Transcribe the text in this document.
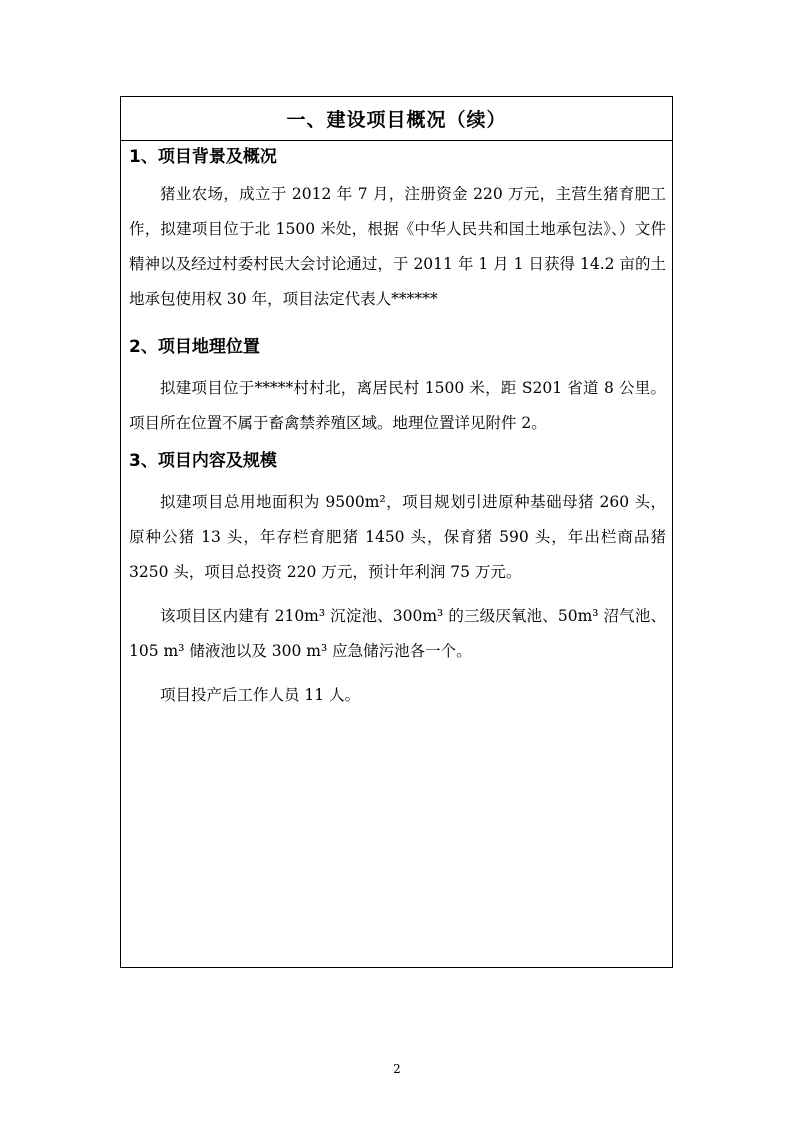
一、建设项目概况（续）
1、项目背景及概况

猪业农场，成立于 2012 年 7 月，注册资金 220 万元，主营生猪育肥工作，拟建项目位于北 1500 米处，根据《中华人民共和国土地承包法》、）文件精神以及经过村委村民大会讨论通过，于 2011 年 1 月 1 日获得 14.2 亩的土地承包使用权 30 年，项目法定代表人******

2、项目地理位置

拟建项目位于*****村村北，离居民村 1500 米，距 S201 省道 8 公里。项目所在位置不属于畜禽禁养殖区域。地理位置详见附件 2。

3、项目内容及规模

拟建项目总用地面积为 9500m²，项目规划引进原种基础母猪 260 头，原种公猪 13 头，年存栏育肥猪 1450 头，保育猪 590 头，年出栏商品猪 3250 头，项目总投资 220 万元，预计年利润 75 万元。

该项目区内建有 210m³ 沉淀池、300m³ 的三级厌氧池、50m³ 沼气池、105 m³ 储液池以及 300 m³ 应急储污池各一个。

项目投产后工作人员 11 人。

2
